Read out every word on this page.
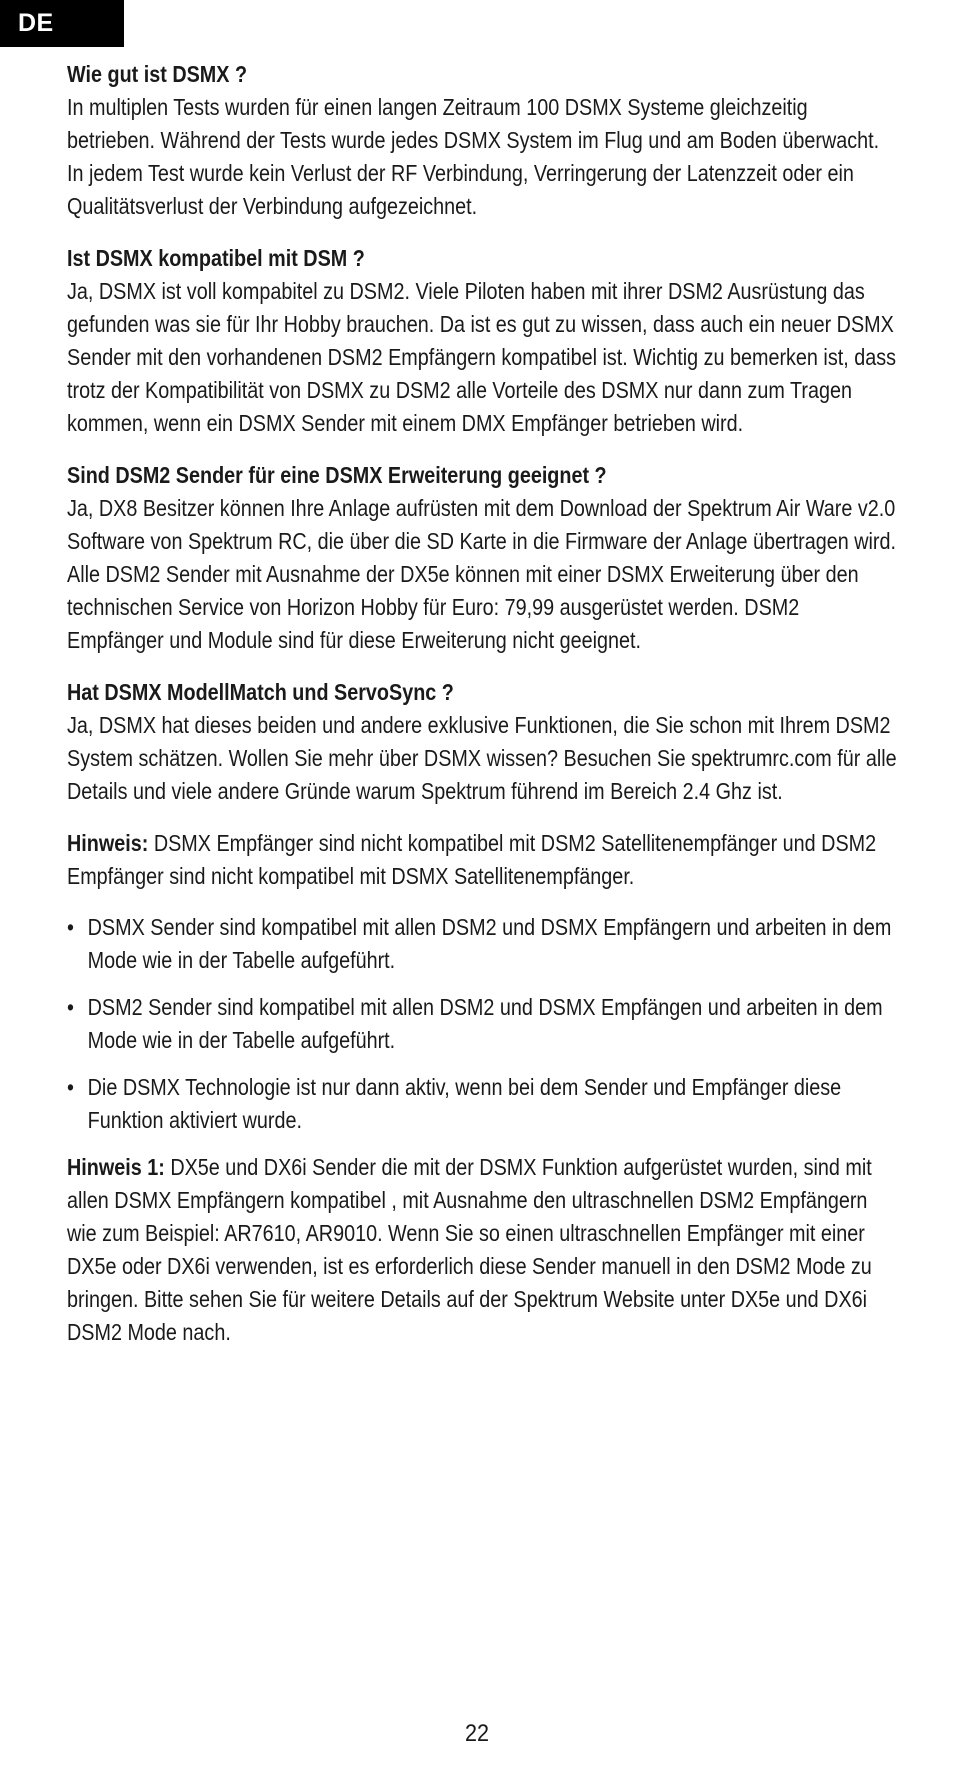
DE

Wie gut ist DSMX ?

In multiplen Tests wurden für einen langen Zeitraum 100 DSMX Systeme gleichzeitig betrieben. Während der Tests wurde jedes DSMX System im Flug und am Boden überwacht. In jedem Test wurde kein Verlust der RF Verbindung, Verringerung der Latenzzeit oder ein Qualitätsverlust der Verbindung aufgezeichnet.

Ist DSMX kompatibel mit DSM ?

Ja, DSMX ist voll kompabitel zu DSM2. Viele Piloten haben mit ihrer DSM2 Ausrüstung das gefunden was sie für Ihr Hobby brauchen. Da ist es gut zu wissen, dass auch ein neuer DSMX Sender mit den vorhandenen DSM2 Empfängern kompatibel ist. Wichtig zu bemerken ist, dass trotz der Kompatibilität von DSMX zu DSM2 alle Vorteile des DSMX nur dann zum Tragen kommen, wenn ein DSMX Sender mit einem DMX Empfänger betrieben wird.

Sind DSM2 Sender für eine DSMX Erweiterung geeignet ?

Ja, DX8 Besitzer können Ihre Anlage aufrüsten mit dem Download der Spektrum Air Ware v2.0 Software von Spektrum RC, die über die SD Karte in die Firmware der Anlage übertragen wird. Alle DSM2 Sender mit Ausnahme der DX5e können mit einer DSMX Erweiterung über den technischen Service von Horizon Hobby für Euro: 79,99 ausgerüstet werden. DSM2 Empfänger und Module sind für diese Erweiterung nicht geeignet.

Hat DSMX ModellMatch und ServoSync ?

Ja, DSMX hat dieses beiden und andere exklusive Funktionen, die Sie schon mit Ihrem DSM2 System schätzen. Wollen Sie mehr über DSMX wissen? Besuchen Sie spektrumrc.com für alle Details und viele andere Gründe warum Spektrum führend im Bereich 2.4 Ghz ist.

Hinweis: DSMX Empfänger sind nicht kompatibel mit DSM2 Satellitenempfänger und DSM2 Empfänger sind nicht kompatibel mit DSMX Satellitenempfänger.

• DSMX Sender sind kompatibel mit allen DSM2 und DSMX Empfängern und arbeiten in dem Mode wie in der Tabelle aufgeführt.
• DSM2 Sender sind kompatibel mit allen DSM2 und DSMX Empfängen und arbeiten in dem Mode wie in der Tabelle aufgeführt.
• Die DSMX Technologie ist nur dann aktiv, wenn bei dem Sender und Empfänger diese Funktion aktiviert wurde.

Hinweis 1: DX5e und DX6i Sender die mit der DSMX Funktion aufgerüstet wurden, sind mit allen DSMX Empfängern kompatibel , mit Ausnahme den ultraschnellen DSM2 Empfängern wie zum Beispiel: AR7610, AR9010. Wenn Sie so einen ultraschnellen Empfänger mit einer DX5e oder DX6i verwenden, ist es erforderlich diese Sender manuell in den DSM2 Mode zu bringen. Bitte sehen Sie für weitere Details auf der Spektrum Website unter DX5e und DX6i DSM2 Mode nach.

22
